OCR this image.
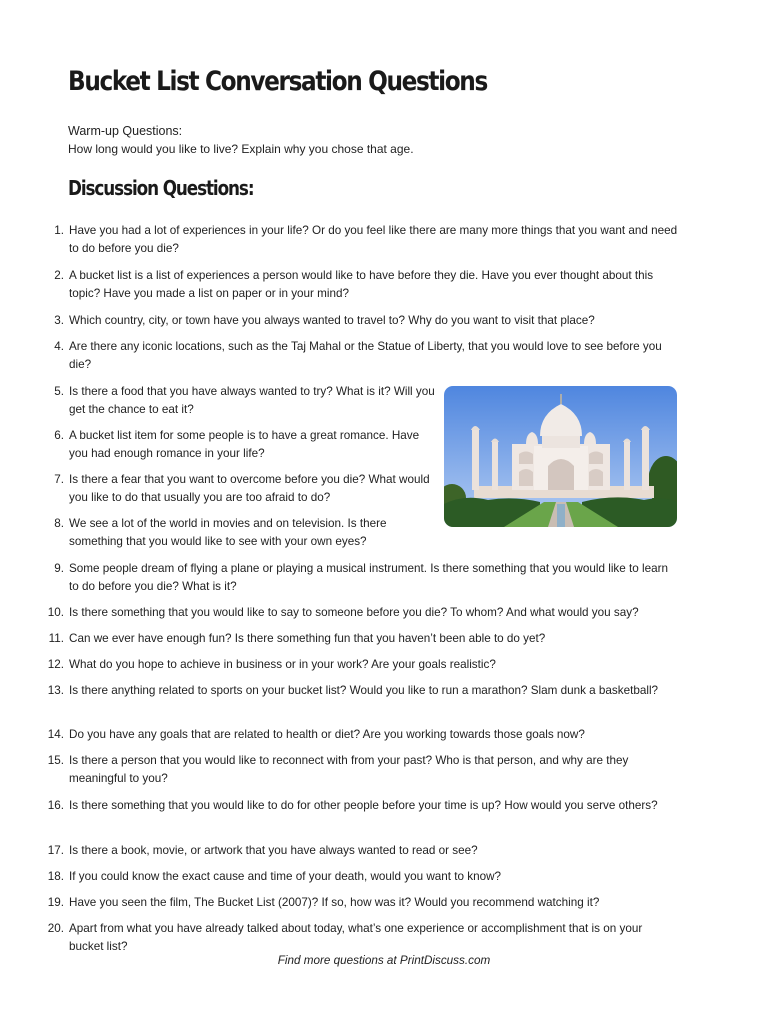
Bucket List Conversation Questions
Warm-up Questions:
How long would you like to live? Explain why you chose that age.
Discussion Questions:
1. Have you had a lot of experiences in your life? Or do you feel like there are many more things that you want and need to do before you die?
2. A bucket list is a list of experiences a person would like to have before they die. Have you ever thought about this topic? Have you made a list on paper or in your mind?
3. Which country, city, or town have you always wanted to travel to? Why do you want to visit that place?
4. Are there any iconic locations, such as the Taj Mahal or the Statue of Liberty, that you would love to see before you die?
5. Is there a food that you have always wanted to try? What is it? Will you get the chance to eat it?
6. A bucket list item for some people is to have a great romance. Have you had enough romance in your life?
7. Is there a fear that you want to overcome before you die? What would you like to do that usually you are too afraid to do?
8. We see a lot of the world in movies and on television. Is there something that you would like to see with your own eyes?
9. Some people dream of flying a plane or playing a musical instrument. Is there something that you would like to learn to do before you die? What is it?
10. Is there something that you would like to say to someone before you die? To whom? And what would you say?
11. Can we ever have enough fun? Is there something fun that you haven’t been able to do yet?
12. What do you hope to achieve in business or in your work? Are your goals realistic?
13. Is there anything related to sports on your bucket list? Would you like to run a marathon? Slam dunk a basketball?
14. Do you have any goals that are related to health or diet? Are you working towards those goals now?
15. Is there a person that you would like to reconnect with from your past? Who is that person, and why are they meaningful to you?
16. Is there something that you would like to do for other people before your time is up? How would you serve others?
17. Is there a book, movie, or artwork that you have always wanted to read or see?
18. If you could know the exact cause and time of your death, would you want to know?
19. Have you seen the film, The Bucket List (2007)? If so, how was it? Would you recommend watching it?
20. Apart from what you have already talked about today, what’s one experience or accomplishment that is on your bucket list?
Find more questions at PrintDiscuss.com
